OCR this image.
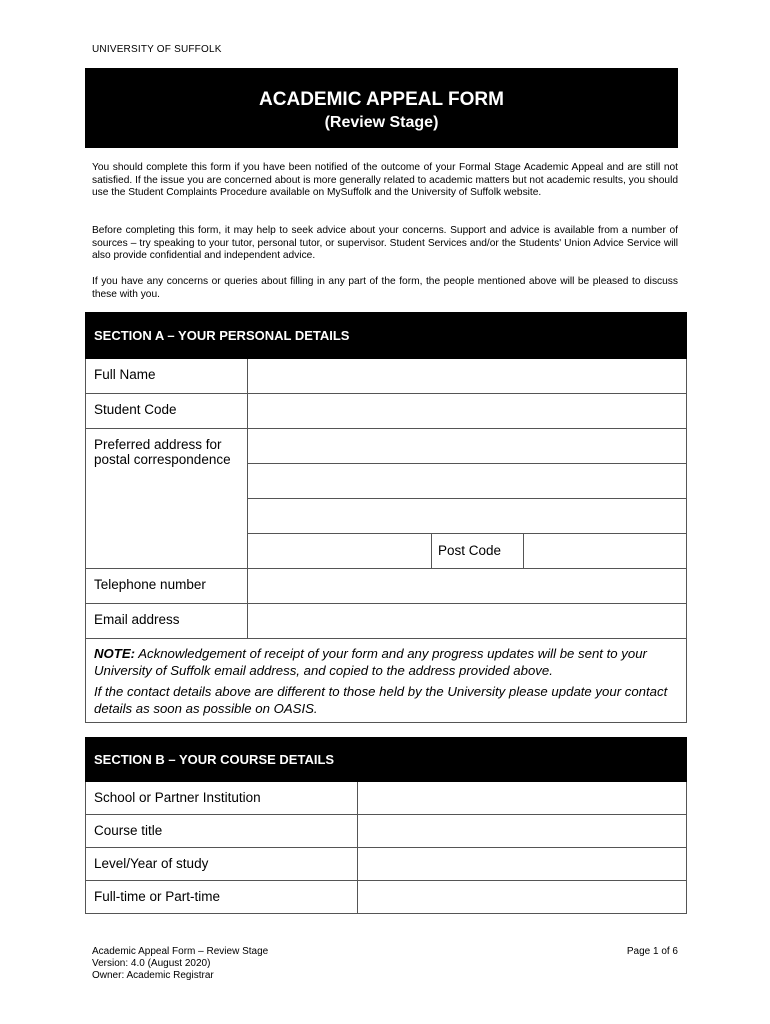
UNIVERSITY OF SUFFOLK
ACADEMIC APPEAL FORM
(Review Stage)
You should complete this form if you have been notified of the outcome of your Formal Stage Academic Appeal and are still not satisfied. If the issue you are concerned about is more generally related to academic matters but not academic results, you should use the Student Complaints Procedure available on MySuffolk and the University of Suffolk website.
Before completing this form, it may help to seek advice about your concerns. Support and advice is available from a number of sources – try speaking to your tutor, personal tutor, or supervisor. Student Services and/or the Students' Union Advice Service will also provide confidential and independent advice.
If you have any concerns or queries about filling in any part of the form, the people mentioned above will be pleased to discuss these with you.
SECTION A – YOUR PERSONAL DETAILS			
Full Name			
Student Code			
Preferred address for postal correspondence			

		Post Code	
Telephone number			
Email address			

NOTE: Acknowledgement of receipt of your form and any progress updates will be sent to your University of Suffolk email address, and copied to the address provided above.

If the contact details above are different to those held by the University please update your contact details as soon as possible on OASIS.			

SECTION B – YOUR COURSE DETAILS	
School or Partner Institution	
Course title	
Level/Year of study	
Full-time or Part-time	
Academic Appeal Form – Review Stage
Version: 4.0 (August 2020)
Owner: Academic Registrar
Page 1 of 6
